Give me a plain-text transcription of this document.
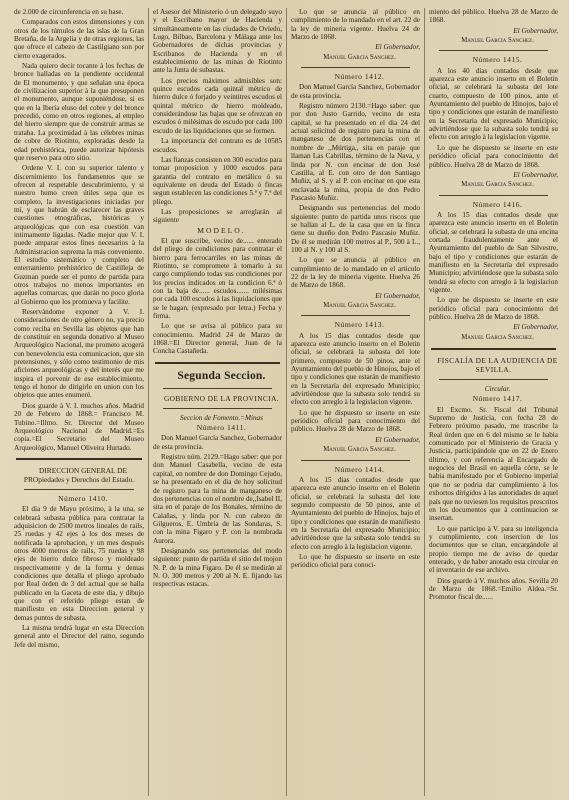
de 2.000 de circunferencia en su base.

Comparados con estos dimensiones y con otros de los túmulos de las islas de la Gran Bretaña, de la Argelia y de otras regiones, las que ofrece el cabezo de Castilgiano son por cierto exagerados.

Nada quiero decir tocante à los fechas de bronce halladas en la pendiente occidental de El monumento, y que señalan una época de civilizacion superior à la que presuponen el monumento, aunque suponiéndose, si es que en la Iberia eluso del cobre y del bronce precedió, como en otros regiones, al empleo del hierro siempre que de construir armas se trataba. La proximidad à las célebres minas de cobre de Riotinto, exploradas desde la edad prehistórica, puede autorizar hipótesis que reservo para otro sitio.

Ordene V. I. con su superior talento y discernimiento los fundamentos que se ofrecen al respetable descubrimiento, y si nuestro humo creen útiles sepa que es completo, la investigaciones iniciadas por mí, y que habrán de esclarecer las graves cuestiones etnográficas, históricas y arqueológicas que con esa cuestión van intimamente ligadas. Nadie mejor que V. I. puede amparar estos fines necesarios à la Administracion suprema la más conveniente. El estudio sistemático y completo del enterramiento prehistórico de Castilleja de Guzman puede ser el punto de partida para otros trabajos no menos importantes en aquellas comarcas, que darán no poco gloria al Gobierno que los promueva y facilite.

Reservándome exponer à V. I. consideraciones de otro género no, ya precio como reciba en Sevilla las objetos que han de constituir en segunda donativo al Museo Arqueológico Nacional, me prometo acogerá con benevolencia esta comunicacion, que sin pretensiones, y sólo como testimonio de mis aficiones arqueológicas y del interés que me inspira el porvenir de ese establecimiento, tengo el honor de dirigirle en union con los objetos que antes enumeré.

Dios guarde à V. I. muchos años. Madrid 20 de Febrero de 1868.= Francisco M. Tubino.=Illmo. Sr. Director del Museo Arqueológico Nacional de Madrid.=Es copia.=El Secretario del Museo Arqueológico, Manuel Oliveira Hurtado.

DIRECCION GENERAL DE PROpiedades y Derechos del Estado.

Número 1410.

El dia 9 de Mayo próximo, à la una, se celebrará subasta pública para contratar la adquisicion de 2500 metros lineales de rails, 25 ruedas y 42 ejes à los dos meses de notificada la aprobacion, y un mes después otros 4000 metros de rails, 75 ruedas y 98 ejes de hierro dulce fibroso y moldeado respectivamente y de la forma y demas condiciones que detalla el pliego aprobado por Real órden de 3 del actual que se halla publicado en la Gaceta de este dia, y dibujo que con el referido pliego estan de manifiesto en esta Direccion general y demas puntos de subasta.

La misma tendrá lugar en esta Direccion general ante el Director del ramo, segundo Jefe del mismo,

el Asesor del Ministerio ó un delegado suyo y el Escribano mayor de Hacienda y simultáneamente en las ciudades de Oviedo, Lugo, Bilbao, Barcelona y Málaga ante los Gobernadores de dichas provincias y Escribanos de Hacienda y en el establecimiento de las minas de Riotinto ante la Junta de subastas.

Los precios máximos admisibles son: quince escudos cada quintal métrico de hierro dulce ó forjado y veintitres escudos el quintal métrico de hierro moldeado, considerándose las bajas que se ofrezcan en escudos ó milésimas de escudo por cada 100 escudo de las liquidaciones que se formen.

La importancia del contrato es de 10585 escudos.

Las fianzas consisten en 300 escudos para tomar proposicion y 1000 escudos para garantia del contrato en metálico ó su equivalente en deuda del Estado ó fincas segun establecen las condiciones 5.ª y 7.ª del pliego.

Las proposiciones se arreglarán al siguiente

MODELO.

El que suscribe, vecino de...... enterado del pliego de condiciones para contratar el hierro para ferrocarriles en las minas de Riotinto, se compromete à tomarlo à su cargo cumpliendo todas sus condiciones por los precios indicados en la condicion 6.ª ó con la baja de...... escudos....... milésimas por cada 100 escudos à las liquidaciones que se le hagan. (expresado por letra.) Fecha y firma.

Lo que se avisa al público para su conocimiento. Madrid 24 de Marzo de 1868.=El Director general, Juan de la Concha Castañeda.

Segunda Seccion.

GOBIERNO DE LA PROVINCIA.

Seccion de Fomento.=Minas

Número 1411.

Don Manuel García Sanchez, Gobernador de esta provincia.

Registro núm. 2129.=Hago saber: que por don Manuel Casabella, vecino de esta capital, en nombre de don Domingo Cejudo, se ha presentado en el dia de hoy solicitud de registro para la mina de manganeso de dos pertenencias con el nombre de,,Isabel II, sita en el paraje de los Bonales, término de Calañas, y linda por N. con cabezo de Gilgueros, E. Umbría de las Sondaras, S. con la mina Figaro y P. con la nombrada Aurora.

Designando sus pertenencias del modo siguiente: punto de partida el sitio del mojon N. P. de la mina Figaro. De él se medirán al N. O. 300 metros y 200 al N. E. fijando las respectivas estacas.

Lo que se anuncia al público en cumplimiento de lo mandado en el art. 22 de la ley de mineria vigente. Huelva 24 de Marzo de 1868.

El Gobernador,

Manuel Garcia Sanchez.

Número 1412.

Don Manuel García Sanchez, Gobernador de esta provincia.

Registro número 2130.=Hago saber: que por don Justo Garrido, vecino de esta capital, se ha presentado en el dia 24 del actual solicitud de registro para la mina de manganeso de dos pertenencias con el nombre de ,,Múrtiga,, sita en paraje que llaman Las Cabrillas, término de la Nava, y linda por N. con encinar de don José Castilla, al E. con otro de don Santiago Muñiz, al S. y al P. con encinar en que esta enclavada la mina, propia de don Pedro Pascasio Muñiz.

Designando sus pertenencias del modo siguiente: punto de partida unos riscos que se hallan al L. de la casa que en la finca tiene su dueño don Pedro Pascasio Muñiz. De él se medirán 100 metros al P., 500 à L., 100 al N. y 100 al S.

Lo que se anuncia al público en cumplimiento de lo mandado en el articulo 22 de la ley de mineria vigente. Huelva 26 de Marzo de 1868.

El Gobernador,

Manuel Garcia Sanchez.

Número 1413.

A los 15 dias contados desde que aparezca este anuncio inserto en el Boletin oficial, se celebrará la subasta del lote primero, compuesto de 50 pinos, ante el Ayuntamiento del pueblo de Hinojos, bajo el tipo y condiciones que estarán de manifiesto en la Secretaría del expresado Municipio; advirtiéndose que la subasta solo tendrá su efecto con arreglo à la legislacion vigente.

Lo que he dispuesto se inserte en este periódico oficial para conocimiento del público. Huelva 28 de Marzo de 1868.

El Gobernador,

Manuel Garcia Sanchez.

Número 1414.

A los 15 dias contados desde que aparezca este anuncio inserto en el Boletin oficial, se celebrará la subasta del lote segundo compuesto de 50 pinos, ante el Ayuntamiento del pueblo de Hinojos, bajo el tipo y condiciones que estarán de manifiesto en la Secretaría del expresado Municipio; advirtiéndose que la subasta solo tendrá su efecto con arreglo à la legislacion vigente.

Lo que he dispuesto se inserte en este periódico oficial para conoci-

miento del público. Huelva 28 de Marzo de 1868.

El Gobernador,

Manuel Garcia Sanchez.

Número 1415.

A los 40 dias contados desde que aparezca este anuncio inserto en el Boletin oficial, se celebrará la subasta del lote cuarto, compuesto de 100 pinos, ante el Ayuntamiento del pueblo de Hinojos, bajo el tipo y condiciones que estarán de manifiesto en la Secretaría del expresado Municipio; advirtiéndose que la subasta solo tendrá su efecto con arreglo à la legislacion vigente.

Lo que he dispuesto se inserte en este periódico oficial para conocimiento del público. Huelva 28 de Marzo de 1868.

El Gobernador,

Manuel Garcia Sanchez.

Número 1416.

A los 15 dias contados desde que aparezca este anuncio inserto en el Boletin oficial, se celebrará la subasta de una encina cortada fraudulentamente ante el Ayuntamiento del pueblo de San Silvestre, bajo el tipo y condiciones que estarán de manifiesto en la Secretaría del expresado Municipio; advirtiéndose que la subasta solo tendrá su efecto con arreglo à la legislacion vigente.

Lo que he dispuesto se inserte en este periódico oficial para conocimiento del público. Huelva 28 de Marzo de 1868.

El Gobernador,

Manuel Garcia Sanchez.

FISCALÍA DE LA AUDIENCIA DE SEVILLA.

Circular.

Número 1417.

El Excmo. Sr. Fiscal del Tribunal Supremo de Justicia, con fecha 28 de Febrero próximo pasado, me trascribe la Real órden que en 6 del mismo se le habia comunicado por el Ministerio de Gracia y Justicia, participándole que en 22 de Enero último, y con referencia al Encargado de negocios del Brasil en aquella córte, se le habia manifestado por el Gobierno imperial que no se podria dar cumplimiento à los exhortos dirigidos à las autoridades de aquel país que no tuviesen los requisitos prescritos en los documentos que à continuacion se insertan.

Lo que participo à V. para su inteligencia y cumplimiento, con insercion de los documentos que se citan, encargándole al propio tiempo me de aviso de quedar enterado, y de haber anotado esta circular en el inventario de ese archivo.

Dios guarde à V. muchos años. Sevilla 20 de Marzo de 1868.=Emilio Aldea.=Sr. Promotor fiscal de......
